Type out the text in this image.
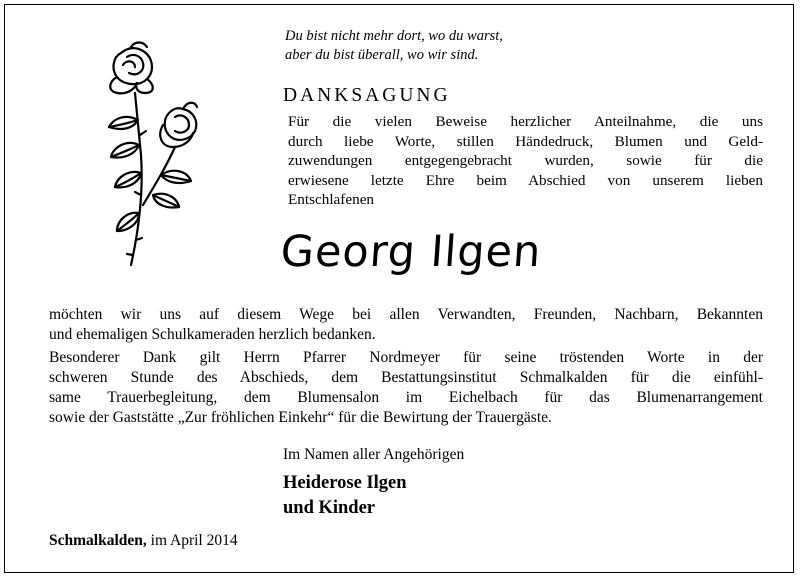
Du bist nicht mehr dort, wo du warst,
aber du bist überall, wo wir sind.
DANKSAGUNG
Für die vielen Beweise herzlicher Anteilnahme, die uns
durch liebe Worte, stillen Händedruck, Blumen und Geld-
zuwendungen entgegengebracht wurden, sowie für die
erwiesene letzte Ehre beim Abschied von unserem lieben
Entschlafenen
Georg Ilgen
möchten wir uns auf diesem Wege bei allen Verwandten, Freunden, Nachbarn, Bekannten
und ehemaligen Schulkameraden herzlich bedanken.
Besonderer Dank gilt Herrn Pfarrer Nordmeyer für seine tröstenden Worte in der
schweren Stunde des Abschieds, dem Bestattungsinstitut Schmalkalden für die einfühl-
same Trauerbegleitung, dem Blumensalon im Eichelbach für das Blumenarrangement
sowie der Gaststätte „Zur fröhlichen Einkehr“ für die Bewirtung der Trauergäste.
Im Namen aller Angehörigen
Heiderose Ilgen
und Kinder
Schmalkalden, im April 2014
